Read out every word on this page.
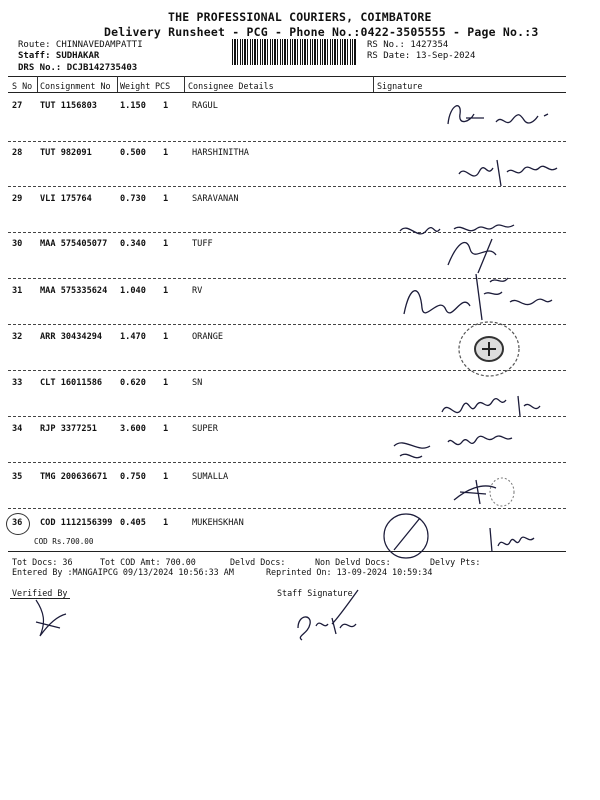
THE PROFESSIONAL COURIERS, COIMBATORE
Delivery Runsheet - PCG - Phone No.:0422-3505555 - Page No.:3
Route: CHINNAVEDAMPATTI
Staff: SUDHAKAR
DRS No.: DCJB142735403
RS No.: 1427354
RS Date: 13-Sep-2024
S No Consignment No Weight PCS Consignee Details	Signature
27 TUT 1156803	1.150 1	RAGUL
28 TUT 982091	0.500 1	HARSHINITHA
29 VLI 175764	0.730 1	SARAVANAN
30 MAA 575405077 0.340 1	TUFF
31 MAA 575335624 1.040 1	RV
32 ARR 30434294 1.470 1	ORANGE
33 CLT 16011586 0.620 1	SN
34 RJP 3377251	3.600 1	SUPER
35 TMG 200636671 0.750 1	SUMALLA
36 COD 1112156399 0.405 1	MUKEHSKHAN
COD Rs.700.00
Tot Docs: 36	Tot COD Amt: 700.00	Delvd Docs:	Non Delvd Docs:	Delvy Pts:
Entered By :MANGAIPCG 09/13/2024 10:56:33 AM	Reprinted On: 13-09-2024 10:59:34
Verified By	Staff Signature
